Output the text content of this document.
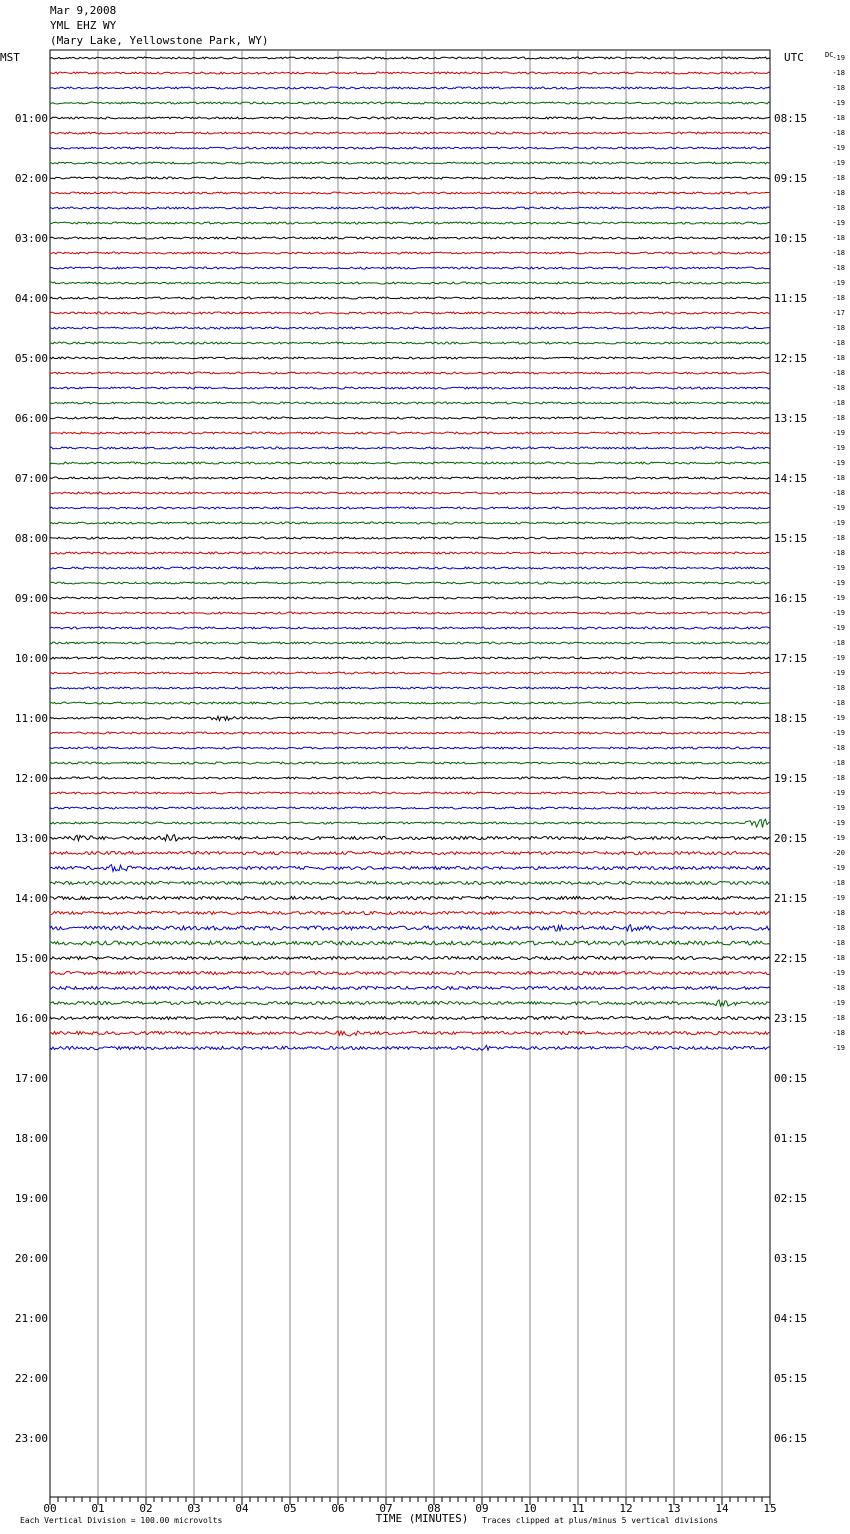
Mar 9,2008
YML EHZ WY
(Mary Lake, Yellowstone Park, WY)
00	01	02	03	04	05	06	07	08	09	10	11	12	13	14	15
MST	UTC	DC
01:00
02:00
03:00
04:00
05:00
06:00
07:00
08:00
09:00
10:00
11:00
12:00
13:00
14:00
15:00
16:00
17:00
18:00
19:00
20:00
21:00
22:00
23:00
08:15
09:15
10:15
11:15
12:15
13:15
14:15
15:15
16:15
17:15
18:15
19:15
20:15
21:15
22:15
23:15
00:15
01:15
02:15
03:15
04:15
05:15
06:15
-19
-18
-18
-19
-18
-18
-19
-19
-18
-18
-18
-19
-18
-18
-18
-19
-18
-17
-18
-18
-18
-18
-18
-18
-18
-19
-19
-19
-18
-18
-19
-19
-18
-18
-19
-19
-19
-19
-19
-18
-19
-19
-18
-18
-19
-19
-18
-18
-18
-19
-19
-19
-19
-20
-19
-18
-19
-18
-18
-18
-18
-19
-18
-19
-18
-18
-19
Each Vertical Division = 100.00 microvolts	TIME (MINUTES) Traces clipped at plus/minus 5 vertical divisions
